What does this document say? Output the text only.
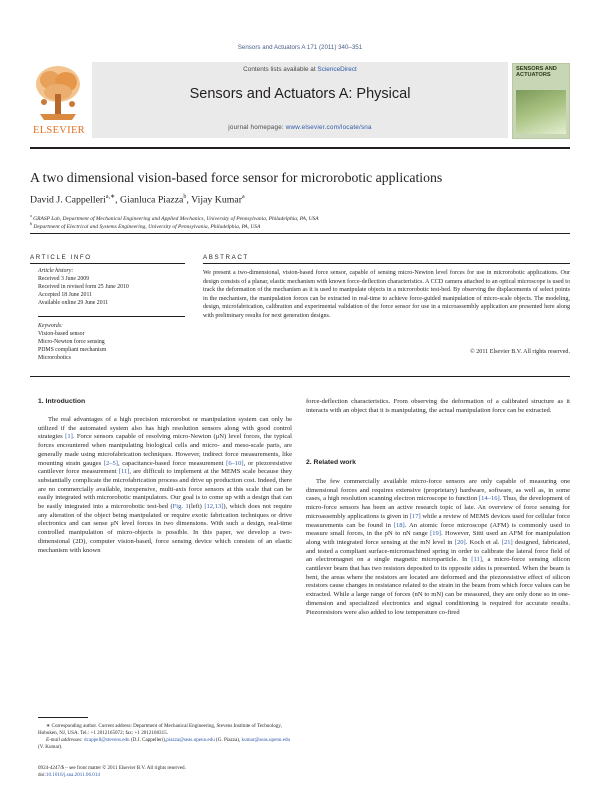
Sensors and Actuators A 171 (2011) 340–351
ELSEVIER
Contents lists available at ScienceDirect
Sensors and Actuators A: Physical
journal homepage: www.elsevier.com/locate/sna
SENSORS AND ACTUATORS
A two dimensional vision-based force sensor for microrobotic applications
David J. Cappelleri$^{a,∗}$, Gianluca Piazza$^b$, Vijay Kumar$^a$
$^a$ GRASP Lab, Department of Mechanical Engineering and Applied Mechanics, University of Pennsylvania, Philadelphia, PA, USA
$^b$ Department of Electrical and Systems Engineering, University of Pennsylvania, Philadelphia, PA, USA
ARTICLE INFO
Article history:
Received 3 June 2009
Received in revised form 25 June 2010
Accepted 18 June 2011
Available online 29 June 2011
Keywords:
Vision-based sensor
Micro-Newton force sensing
PDMS compliant mechanism
Microrobotics
ABSTRACT
We present a two-dimensional, vision-based force sensor, capable of sensing micro-Newton level forces for use in microrobotic applications. Our design consists of a planar, elastic mechanism with known force-deflection characteristics. A CCD camera attached to an optical microscope is used to track the deformation of the mechanism as it is used to manipulate objects in a microrobotic test-bed. By observing the displacements of select points in the mechanism, the manipulation forces can be extracted in real-time to achieve force-guided manipulation of micro-scale objects. The modeling, design, microfabrication, calibration and experimental validation of the force sensor for use in a microassembly application are presented here along with preliminary results for next generation designs.
© 2011 Elsevier B.V. All rights reserved.
1. Introduction

The real advantages of a high precision microrobot or manipulation system can only be utilized if the automated system also has high resolution sensors along with good control strategies [1]. Force sensors capable of resolving micro-Newton (μN) level forces, the typical forces encountered when manipulating biological cells and micro- and meso-scale parts, are generally made using microfabrication techniques. However, indirect force measurements, like mounting strain gauges [2–5], capacitance-based force measurement [6–10], or piezoresistive cantilever force measurement [11], are difficult to implement at the MEMS scale because they substantially complicate the microfabrication process and drive up production cost. Indeed, there are no commercially available, inexpensive, multi-axis force sensors at this scale that can be easily integrated with microrobotic manipulators. Our goal is to come up with a design that can be easily integrated into a microrobotic test-bed (Fig. 1(left) [12,13]), which does not require any alteration of the object being manipulated or require exotic fabrication techniques or drive electronics and can sense μN level forces in two dimensions. With such a design, real-time controlled manipulation of micro-objects is possible. In this paper, we develop a two-dimensional (2D), computer vision-based, force sensing device which consists of an elastic mechanism with known

∗ Corresponding author. Current address: Department of Mechanical Engineering, Stevens Institute of Technology, Hoboken, NJ, USA. Tel.: +1 2012165072; fax: +1 2012168315.
E-mail addresses: dcappell@stevens.edu (D.J. Cappelleri),piazza@seas.upenn.edu (G. Piazza), kumar@seas.upenn.edu (V. Kumar).
0924-4247/$ – see front matter © 2011 Elsevier B.V. All rights reserved.
doi:10.1016/j.sna.2011.06.014

force-deflection characteristics. From observing the deformation of a calibrated structure as it interacts with an object that it is manipulating, the actual manipulation force can be extracted.

2. Related work

The few commercially available micro-force sensors are only capable of measuring one dimensional forces and requires extensive (proprietary) hardware, software, as well as, in some cases, a high resolution scanning electron microscope to function [14–16]. Thus, the development of micro-force sensors has been an active research topic of late. An overview of force sensing for microassembly applications is given in [17] while a review of MEMS devices used for cellular force measurements can be found in [18]. An atomic force microscope (AFM) is commonly used to measure small forces, in the pN to nN range [19]. However, Sitti used an AFM for manipulation along with integrated force sensing at the mN level in [20]. Koch et al. [21] designed, fabricated, and tested a compliant surface-micromachined spring in order to calibrate the lateral force field of an electromagnet on a single magnetic microparticle. In [11], a micro-force sensing silicon cantilever beam that has two resistors deposited to its opposite sides is presented. When the beam is bent, the areas where the resistors are located are deformed and the piezoresistive effect of silicon resistors cause changes in resistance related to the strain in the beam from which force values can be extracted. While a large range of forces (nN to mN) can be measured, they are only done so in one-dimension and specialized electronics and signal conditioning is required for accurate results. Piezoresistors were also added to low temperature co-fired
